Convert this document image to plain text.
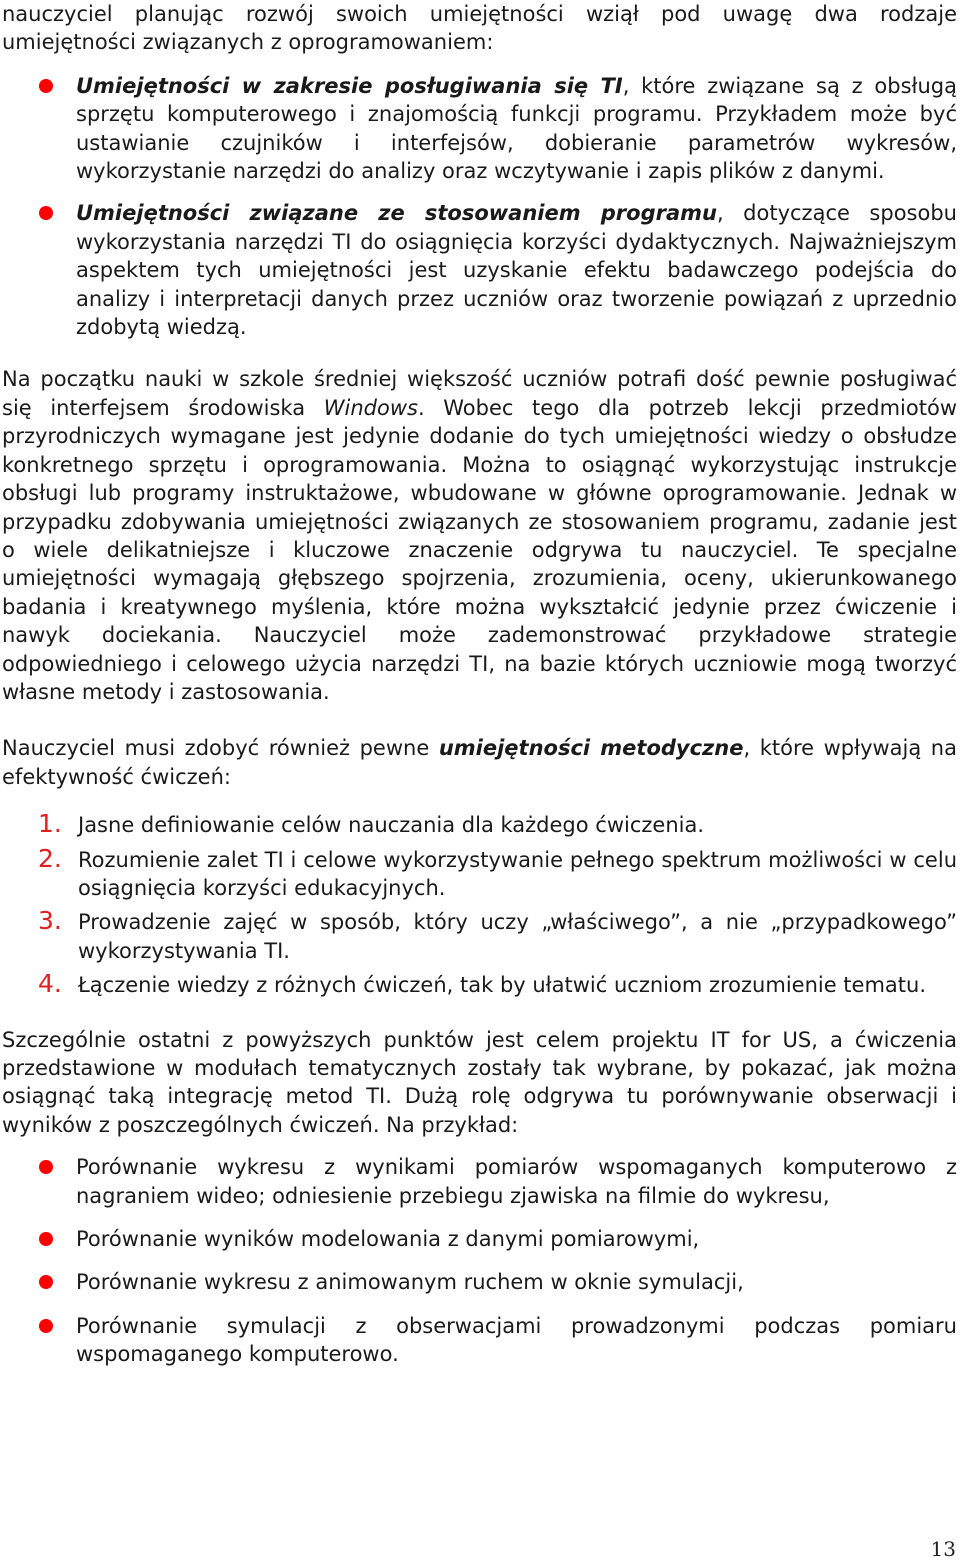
nauczyciel planując rozwój swoich umiejętności wziął pod uwagę dwa rodzaje umiejętności związanych z oprogramowaniem:

Umiejętności w zakresie posługiwania się TI, które związane są z obsługą sprzętu komputerowego i znajomością funkcji programu. Przykładem może być ustawianie czujników i interfejsów, dobieranie parametrów wykresów, wykorzystanie narzędzi do analizy oraz wczytywanie i zapis plików z danymi.
Umiejętności związane ze stosowaniem programu, dotyczące sposobu wykorzystania narzędzi TI do osiągnięcia korzyści dydaktycznych. Najważniejszym aspektem tych umiejętności jest uzyskanie efektu badawczego podejścia do analizy i interpretacji danych przez uczniów oraz tworzenie powiązań z uprzednio zdobytą wiedzą.

Na początku nauki w szkole średniej większość uczniów potrafi dość pewnie posługiwać się interfejsem środowiska Windows. Wobec tego dla potrzeb lekcji przedmiotów przyrodniczych wymagane jest jedynie dodanie do tych umiejętności wiedzy o obsłudze konkretnego sprzętu i oprogramowania. Można to osiągnąć wykorzystując instrukcje obsługi lub programy instruktażowe, wbudowane w główne oprogramowanie. Jednak w przypadku zdobywania umiejętności związanych ze stosowaniem programu, zadanie jest o wiele delikatniejsze i kluczowe znaczenie odgrywa tu nauczyciel. Te specjalne umiejętności wymagają głębszego spojrzenia, zrozumienia, oceny, ukierunkowanego badania i kreatywnego myślenia, które można wykształcić jedynie przez ćwiczenie i nawyk dociekania. Nauczyciel może zademonstrować przykładowe strategie odpowiedniego i celowego użycia narzędzi TI, na bazie których uczniowie mogą tworzyć własne metody i zastosowania.

Nauczyciel musi zdobyć również pewne umiejętności metodyczne, które wpływają na efektywność ćwiczeń:

1. Jasne definiowanie celów nauczania dla każdego ćwiczenia.
2. Rozumienie zalet TI i celowe wykorzystywanie pełnego spektrum możliwości w celu osiągnięcia korzyści edukacyjnych.
3. Prowadzenie zajęć w sposób, który uczy „właściwego”, a nie „przypadkowego” wykorzystywania TI.
4. Łączenie wiedzy z różnych ćwiczeń, tak by ułatwić uczniom zrozumienie tematu.

Szczególnie ostatni z powyższych punktów jest celem projektu IT for US, a ćwiczenia przedstawione w modułach tematycznych zostały tak wybrane, by pokazać, jak można osiągnąć taką integrację metod TI. Dużą rolę odgrywa tu porównywanie obserwacji i wyników z poszczególnych ćwiczeń. Na przykład:

Porównanie wykresu z wynikami pomiarów wspomaganych komputerowo z nagraniem wideo; odniesienie przebiegu zjawiska na filmie do wykresu,
Porównanie wyników modelowania z danymi pomiarowymi,
Porównanie wykresu z animowanym ruchem w oknie symulacji,
Porównanie symulacji z obserwacjami prowadzonymi podczas pomiaru wspomaganego komputerowo.
13
